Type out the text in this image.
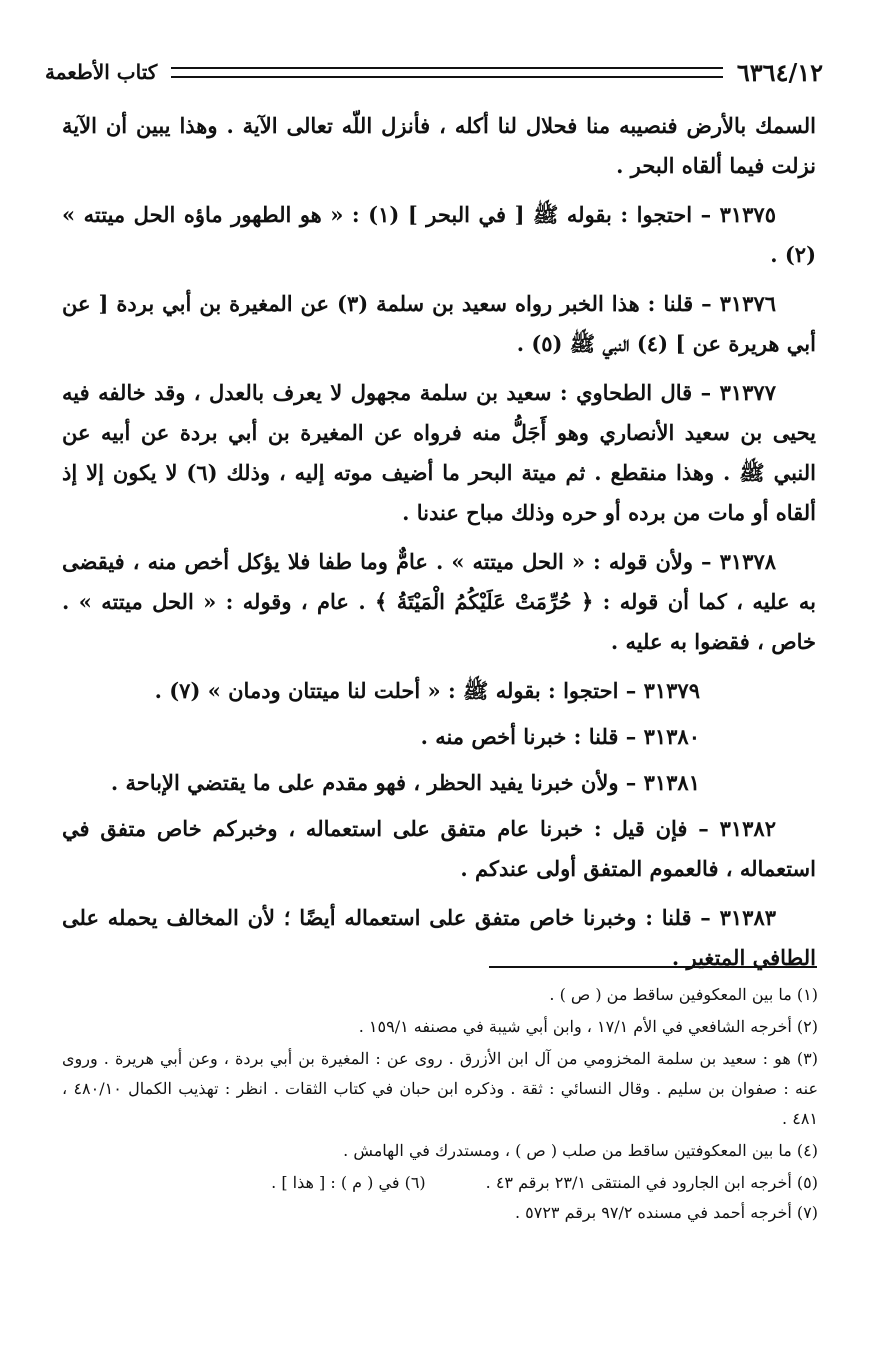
٦٣٦٤/١٢
كتاب الأطعمة

السمك بالأرض فنصيبه منا فحلال لنا أكله ، فأنزل اللّه تعالى الآية . وهذا يبين أن الآية نزلت فيما ألقاه البحر .

٣١٣٧٥ – احتجوا : بقوله ﷺ [ في البحر ] (١) : « هو الطهور ماؤه الحل ميتته » (٢) .

٣١٣٧٦ – قلنا : هذا الخبر رواه سعيد بن سلمة (٣) عن المغيرة بن أبي بردة [ عن أبي هريرة عن ] (٤) النبي ﷺ (٥) .

٣١٣٧٧ – قال الطحاوي : سعيد بن سلمة مجهول لا يعرف بالعدل ، وقد خالفه فيه يحيى بن سعيد الأنصاري وهو أَجَلُّ منه فرواه عن المغيرة بن أبي بردة عن أبيه عن النبي ﷺ . وهذا منقطع . ثم ميتة البحر ما أضيف موته إليه ، وذلك (٦) لا يكون إلا إذ ألقاه أو مات من برده أو حره وذلك مباح عندنا .

٣١٣٧٨ – ولأن قوله : « الحل ميتته » . عامٌّ وما طفا فلا يؤكل أخص منه ، فيقضى به عليه ، كما أن قوله : ﴿ حُرِّمَتْ عَلَيْكُمُ الْمَيْتَةُ ﴾ . عام ، وقوله : « الحل ميتته » . خاص ، فقضوا به عليه .

٣١٣٧٩ – احتجوا : بقوله ﷺ : « أحلت لنا ميتتان ودمان » (٧) .

٣١٣٨٠ – قلنا : خبرنا أخص منه .

٣١٣٨١ – ولأن خبرنا يفيد الحظر ، فهو مقدم على ما يقتضي الإباحة .

٣١٣٨٢ – فإن قيل : خبرنا عام متفق على استعماله ، وخبركم خاص متفق في استعماله ، فالعموم المتفق أولى عندكم .

٣١٣٨٣ – قلنا : وخبرنا خاص متفق على استعماله أيضًا ؛ لأن المخالف يحمله على الطافي المتغير .

(١) ما بين المعكوفين ساقط من ( ص ) .

(٢) أخرجه الشافعي في الأم ١٧/١ ، وابن أبي شيبة في مصنفه ١٥٩/١ .

(٣) هو : سعيد بن سلمة المخزومي من آل ابن الأزرق . روى عن : المغيرة بن أبي بردة ، وعن أبي هريرة . وروى عنه : صفوان بن سليم . وقال النسائي : ثقة . وذكره ابن حبان في كتاب الثقات . انظر : تهذيب الكمال ٤٨٠/١٠ ، ٤٨١ .

(٤) ما بين المعكوفتين ساقط من صلب ( ص ) ، ومستدرك في الهامش .

(٥) أخرجه ابن الجارود في المنتقى ٢٣/١ برقم ٤٣ .
(٦) في ( م ) : [ هذا ] .

(٧) أخرجه أحمد في مسنده ٩٧/٢ برقم ٥٧٢٣ .
